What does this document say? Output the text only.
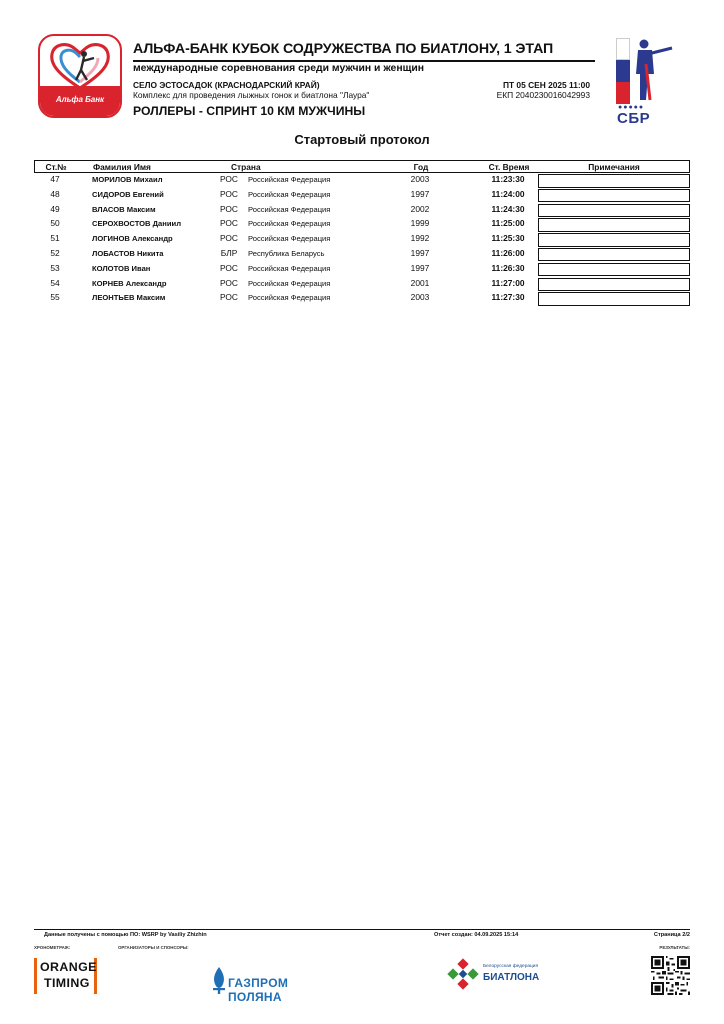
Альфа Банк
АЛЬФА-БАНК КУБОК СОДРУЖЕСТВА ПО БИАТЛОНУ, 1 ЭТАП
международные соревнования среди мужчин и женщин
СЕЛО ЭСТОСАДОК (КРАСНОДАРСКИЙ КРАЙ)
Комплекс для проведения лыжных гонок и биатлона "Лаура"
ПТ 05 СЕН 2025 11:00
ЕКП 2040230016042993
РОЛЛЕРЫ - СПРИНТ 10 КМ МУЖЧИНЫ	●●●●●
СБР
Стартовый протокол
Ст.№	Фамилия Имя	Страна	Год	Ст. Время	Примечания
47	МОРИЛОВ Михаил	РОС Российская Федерация	2003	11:23:30
48	СИДОРОВ Евгений	РОС Российская Федерация	1997	11:24:00
49	ВЛАСОВ Максим	РОС Российская Федерация	2002	11:24:30
50	СЕРОХВОСТОВ Даниил	РОС Российская Федерация	1999	11:25:00
51	ЛОГИНОВ Александр	РОС Российская Федерация	1992	11:25:30
52	ЛОБАСТОВ Никита	БЛР	Республика Беларусь	1997	11:26:00
53	КОЛОТОВ Иван	РОС Российская Федерация	1997	11:26:30
54	КОРНЕВ Александр	РОС Российская Федерация	2001	11:27:00
55	ЛЕОНТЬЕВ Максим	РОС Российская Федерация	2003	11:27:30
Данные получены с помощью ПО: WSRP by Vasiliy Zhizhin	Отчет создан: 04.09.2025 15:14	Страница 2/2
ХРОНОМЕТРАЖ:	ОРГАНИЗАТОРЫ И СПОНСОРЫ:	РЕЗУЛЬТАТЫ:
ORANGE
TIMING	ГАЗПРОМ ПОЛЯНА
Белорусская федерация
БИАТЛОНА
